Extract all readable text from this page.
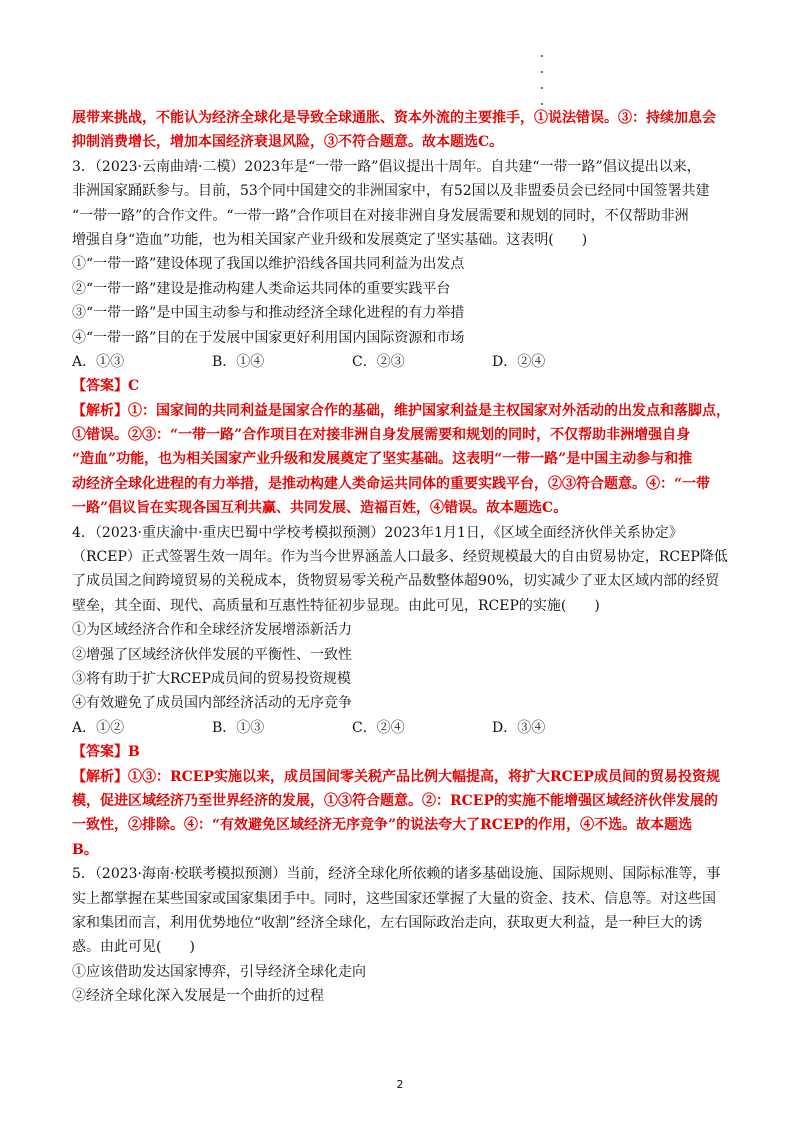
展带来挑战，不能认为经济全球化是导致全球通胀、资本外流的主要推手，①说法错误。③：持续加息会
抑制消费增长，增加本国经济衰退风险，③不符合题意。故本题选C。
3．（2023·云南曲靖·二模）2023年是“一带一路”倡议提出十周年。自共建“一带一路”倡议提出以来，
非洲国家踊跃参与。目前，53个同中国建交的非洲国家中，有52国以及非盟委员会已经同中国签署共建
“一带一路”的合作文件。“一带一路”合作项目在对接非洲自身发展需要和规划的同时，不仅帮助非洲
增强自身“造血”功能，也为相关国家产业升级和发展奠定了坚实基础。这表明(　　)
①“一带一路”建设体现了我国以维护沿线各国共同利益为出发点
②“一带一路”建设是推动构建人类命运共同体的重要实践平台
③“一带一路”是中国主动参与和推动经济全球化进程的有力举措
④“一带一路”目的在于发展中国家更好利用国内国际资源和市场
A．①③	B．①④	C．②③	D．②④
【答案】C
【解析】①：国家间的共同利益是国家合作的基础，维护国家利益是主权国家对外活动的出发点和落脚点，
①错误。②③：“一带一路”合作项目在对接非洲自身发展需要和规划的同时，不仅帮助非洲增强自身
“造血”功能，也为相关国家产业升级和发展奠定了坚实基础。这表明“一带一路”是中国主动参与和推
动经济全球化进程的有力举措，是推动构建人类命运共同体的重要实践平台，②③符合题意。④：“一带
一路”倡议旨在实现各国互利共赢、共同发展、造福百姓，④错误。故本题选C。
4．（2023·重庆渝中·重庆巴蜀中学校考模拟预测）2023年1月1日，《区域全面经济伙伴关系协定》
（RCEP）正式签署生效一周年。作为当今世界涵盖人口最多、经贸规模最大的自由贸易协定，RCEP降低
了成员国之间跨境贸易的关税成本，货物贸易零关税产品数整体超90%，切实减少了亚太区域内部的经贸
壁垒，其全面、现代、高质量和互惠性特征初步显现。由此可见，RCEP的实施(　　)
①为区域经济合作和全球经济发展增添新活力
②增强了区域经济伙伴发展的平衡性、一致性
③将有助于扩大RCEP成员间的贸易投资规模
④有效避免了成员国内部经济活动的无序竞争
A．①②	B．①③	C．②④	D．③④
【答案】B
【解析】①③：RCEP实施以来，成员国间零关税产品比例大幅提高，将扩大RCEP成员间的贸易投资规
模，促进区域经济乃至世界经济的发展，①③符合题意。②：RCEP的实施不能增强区域经济伙伴发展的
一致性，②排除。④：“有效避免区域经济无序竞争”的说法夸大了RCEP的作用，④不选。故本题选
B。
5．（2023·海南·校联考模拟预测）当前，经济全球化所依赖的诸多基础设施、国际规则、国际标准等，事
实上都掌握在某些国家或国家集团手中。同时，这些国家还掌握了大量的资金、技术、信息等。对这些国
家和集团而言，利用优势地位“收割”经济全球化，左右国际政治走向，获取更大利益，是一种巨大的诱
惑。由此可见(　　)
①应该借助发达国家博弈，引导经济全球化走向
②经济全球化深入发展是一个曲折的过程
2
